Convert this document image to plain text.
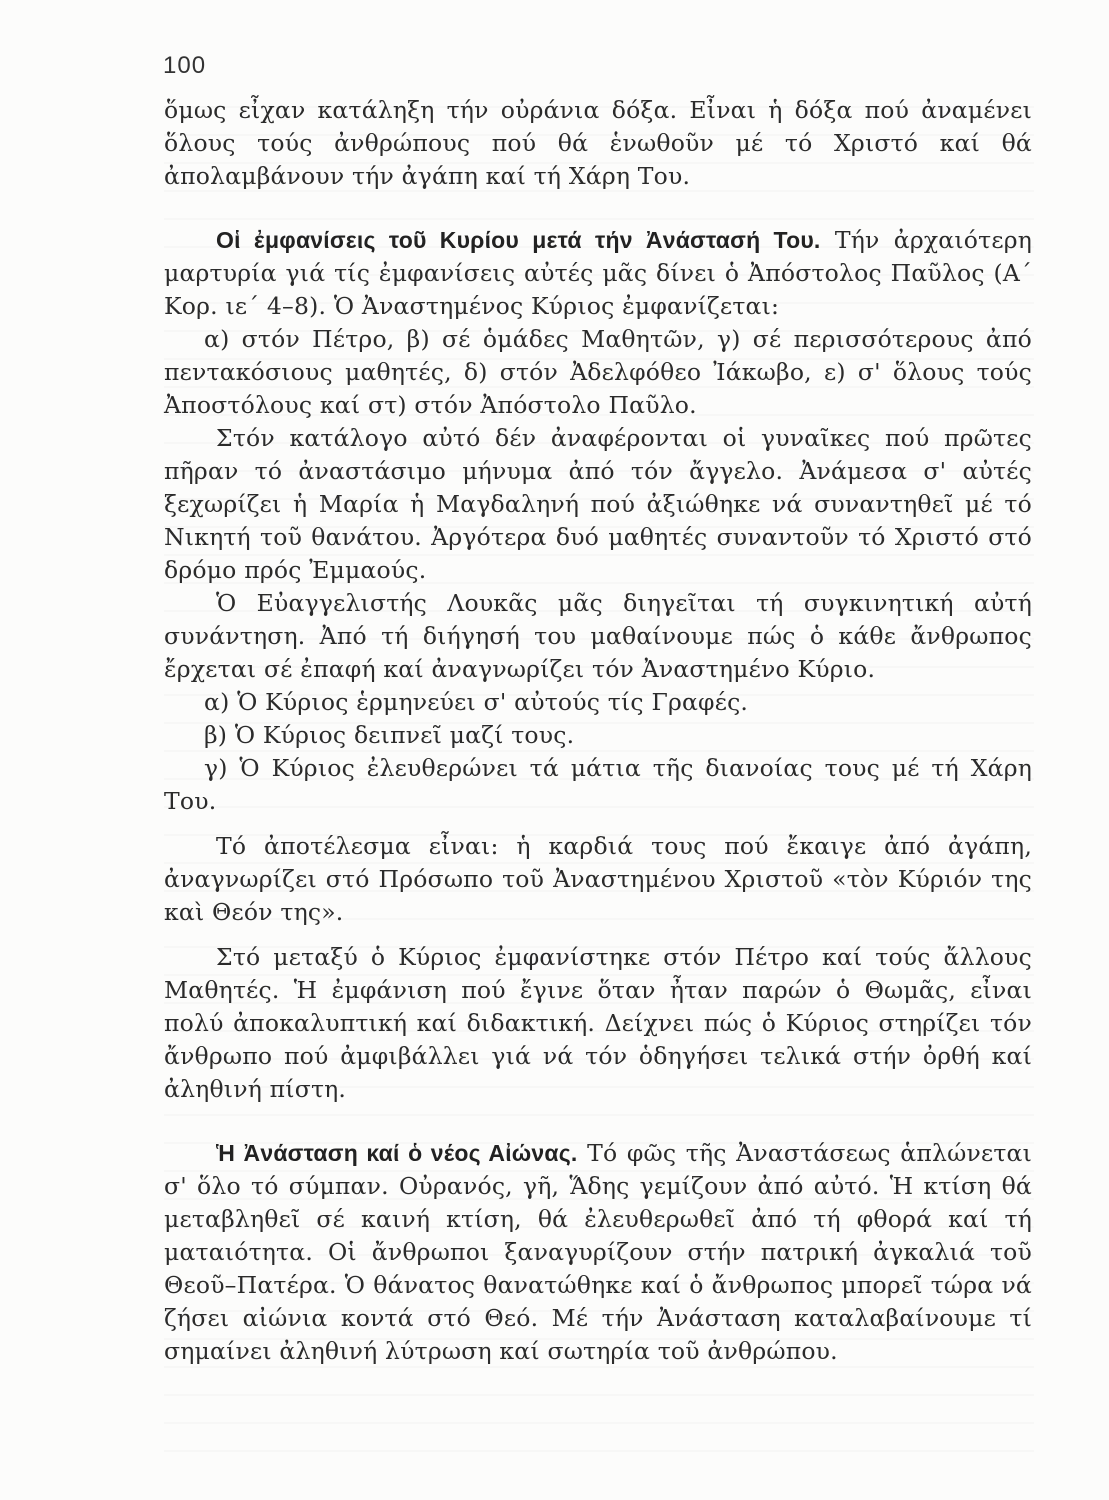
100

ὅμως εἶχαν κατάληξη τήν οὐράνια δόξα. Εἶναι ἡ δόξα πού ἀναμένει ὅλους τούς ἀνθρώπους πού θά ἑνωθοῦν μέ τό Χριστό καί θά ἀπολαμβάνουν τήν ἀγάπη καί τή Χάρη Του.

Οἱ ἐμφανίσεις τοῦ Κυρίου μετά τήν Ἀνάστασή Του. Τήν ἀρχαιότερη μαρτυρία γιά τίς ἐμφανίσεις αὐτές μᾶς δίνει ὁ Ἀπόστολος Παῦλος (Α΄ Κορ. ιε΄ 4–8). Ὁ Ἀναστημένος Κύριος ἐμφανίζεται:

α) στόν Πέτρο, β) σέ ὁμάδες Μαθητῶν, γ) σέ περισσότερους ἀπό πεντακόσιους μαθητές, δ) στόν Ἀδελφόθεο Ἰάκωβο, ε) σ' ὅλους τούς Ἀποστόλους καί στ) στόν Ἀπόστολο Παῦλο.

Στόν κατάλογο αὐτό δέν ἀναφέρονται οἱ γυναῖκες πού πρῶτες πῆραν τό ἀναστάσιμο μήνυμα ἀπό τόν ἄγγελο. Ἀνάμεσα σ' αὐτές ξεχωρίζει ἡ Μαρία ἡ Μαγδαληνή πού ἀξιώθηκε νά συναντηθεῖ μέ τό Νικητή τοῦ θανάτου. Ἀργότερα δυό μαθητές συναντοῦν τό Χριστό στό δρόμο πρός Ἐμμαούς.

Ὁ Εὐαγγελιστής Λουκᾶς μᾶς διηγεῖται τή συγκινητική αὐτή συνάντηση. Ἀπό τή διήγησή του μαθαίνουμε πώς ὁ κάθε ἄνθρωπος ἔρχεται σέ ἐπαφή καί ἀναγνωρίζει τόν Ἀναστημένο Κύριο.

α) Ὁ Κύριος ἑρμηνεύει σ' αὐτούς τίς Γραφές.

β) Ὁ Κύριος δειπνεῖ μαζί τους.

γ) Ὁ Κύριος ἐλευθερώνει τά μάτια τῆς διανοίας τους μέ τή Χάρη Του.

Τό ἀποτέλεσμα εἶναι: ἡ καρδιά τους πού ἔκαιγε ἀπό ἀγάπη, ἀναγνωρίζει στό Πρόσωπο τοῦ Ἀναστημένου Χριστοῦ «τὸν Κύριόν της καὶ Θεόν της».

Στό μεταξύ ὁ Κύριος ἐμφανίστηκε στόν Πέτρο καί τούς ἄλλους Μαθητές. Ἡ ἐμφάνιση πού ἔγινε ὅταν ἦταν παρών ὁ Θωμᾶς, εἶναι πολύ ἀποκαλυπτική καί διδακτική. Δείχνει πώς ὁ Κύριος στηρίζει τόν ἄνθρωπο πού ἀμφιβάλλει γιά νά τόν ὁδηγήσει τελικά στήν ὀρθή καί ἀληθινή πίστη.

Ἡ Ἀνάσταση καί ὁ νέος Αἰώνας. Τό φῶς τῆς Ἀναστάσεως ἁπλώνεται σ' ὅλο τό σύμπαν. Οὐρανός, γῆ, Ἅδης γεμίζουν ἀπό αὐτό. Ἡ κτίση θά μεταβληθεῖ σέ καινή κτίση, θά ἐλευθερωθεῖ ἀπό τή φθορά καί τή ματαιότητα. Οἱ ἄνθρωποι ξαναγυρίζουν στήν πατρική ἀγκαλιά τοῦ Θεοῦ–Πατέρα. Ὁ θάνατος θανατώθηκε καί ὁ ἄνθρωπος μπορεῖ τώρα νά ζήσει αἰώνια κοντά στό Θεό. Μέ τήν Ἀνάσταση καταλαβαίνουμε τί σημαίνει ἀληθινή λύτρωση καί σωτηρία τοῦ ἀνθρώπου.
